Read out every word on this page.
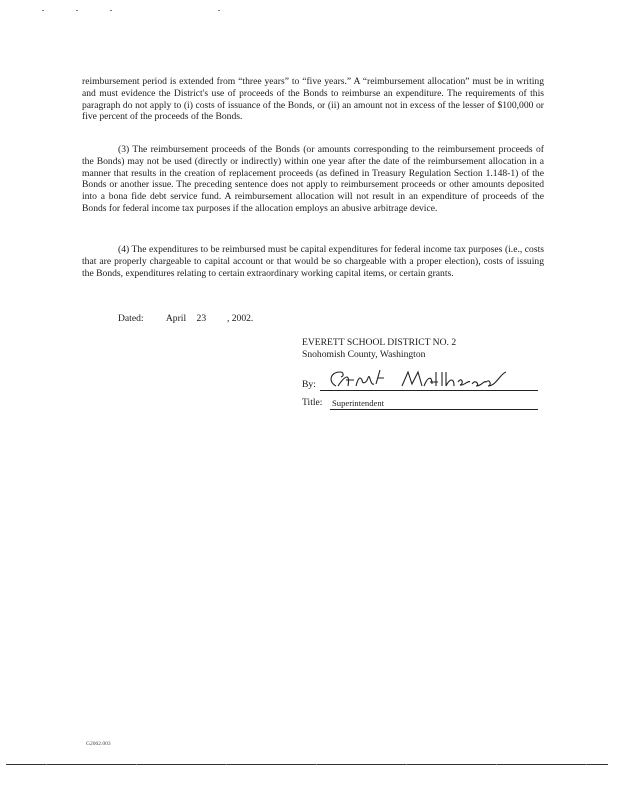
reimbursement period is extended from “three years” to “five years.” A “reimbursement allocation” must be in writing and must evidence the District's use of proceeds of the Bonds to reimburse an expenditure. The requirements of this paragraph do not apply to (i) costs of issuance of the Bonds, or (ii) an amount not in excess of the lesser of $100,000 or five percent of the proceeds of the Bonds.
(3) The reimbursement proceeds of the Bonds (or amounts corresponding to the reimbursement proceeds of the Bonds) may not be used (directly or indirectly) within one year after the date of the reimbursement allocation in a manner that results in the creation of replacement proceeds (as defined in Treasury Regulation Section 1.148-1) of the Bonds or another issue. The preceding sentence does not apply to reimbursement proceeds or other amounts deposited into a bona fide debt service fund. A reimbursement allocation will not result in an expenditure of proceeds of the Bonds for federal income tax purposes if the allocation employs an abusive arbitrage device.
(4) The expenditures to be reimbursed must be capital expenditures for federal income tax purposes (i.e., costs that are properly chargeable to capital account or that would be so chargeable with a proper election), costs of issuing the Bonds, expenditures relating to certain extraordinary working capital items, or certain grants.
Dated: April 23 , 2002.
EVERETT SCHOOL DISTRICT NO. 2
Snohomish County, Washington
By:
Title: Superintendent
G2002.003
